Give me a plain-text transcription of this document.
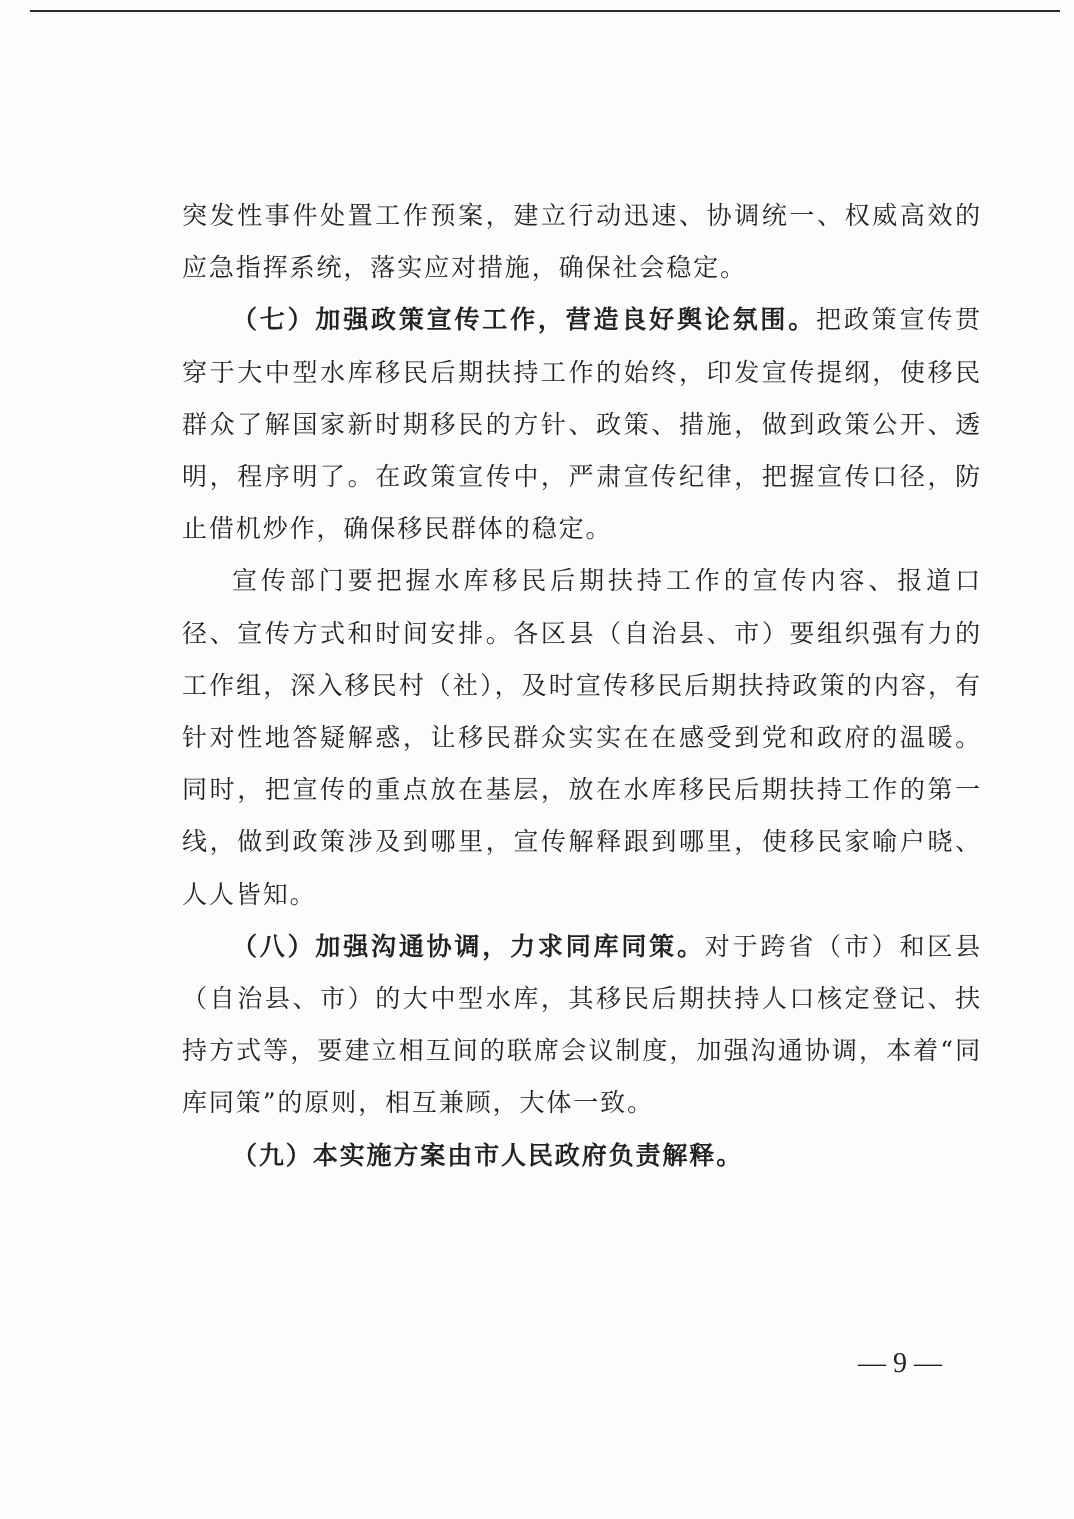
突发性事件处置工作预案，建立行动迅速、协调统一、权威高效的应急指挥系统，落实应对措施，确保社会稳定。

（七）加强政策宣传工作，营造良好舆论氛围。把政策宣传贯穿于大中型水库移民后期扶持工作的始终，印发宣传提纲，使移民群众了解国家新时期移民的方针、政策、措施，做到政策公开、透明，程序明了。在政策宣传中，严肃宣传纪律，把握宣传口径，防止借机炒作，确保移民群体的稳定。

宣传部门要把握水库移民后期扶持工作的宣传内容、报道口径、宣传方式和时间安排。各区县（自治县、市）要组织强有力的工作组，深入移民村（社），及时宣传移民后期扶持政策的内容，有针对性地答疑解惑，让移民群众实实在在感受到党和政府的温暖。同时，把宣传的重点放在基层，放在水库移民后期扶持工作的第一线，做到政策涉及到哪里，宣传解释跟到哪里，使移民家喻户晓、人人皆知。

（八）加强沟通协调，力求同库同策。对于跨省（市）和区县（自治县、市）的大中型水库，其移民后期扶持人口核定登记、扶持方式等，要建立相互间的联席会议制度，加强沟通协调，本着“同库同策”的原则，相互兼顾，大体一致。

（九）本实施方案由市人民政府负责解释。

— 9 —
